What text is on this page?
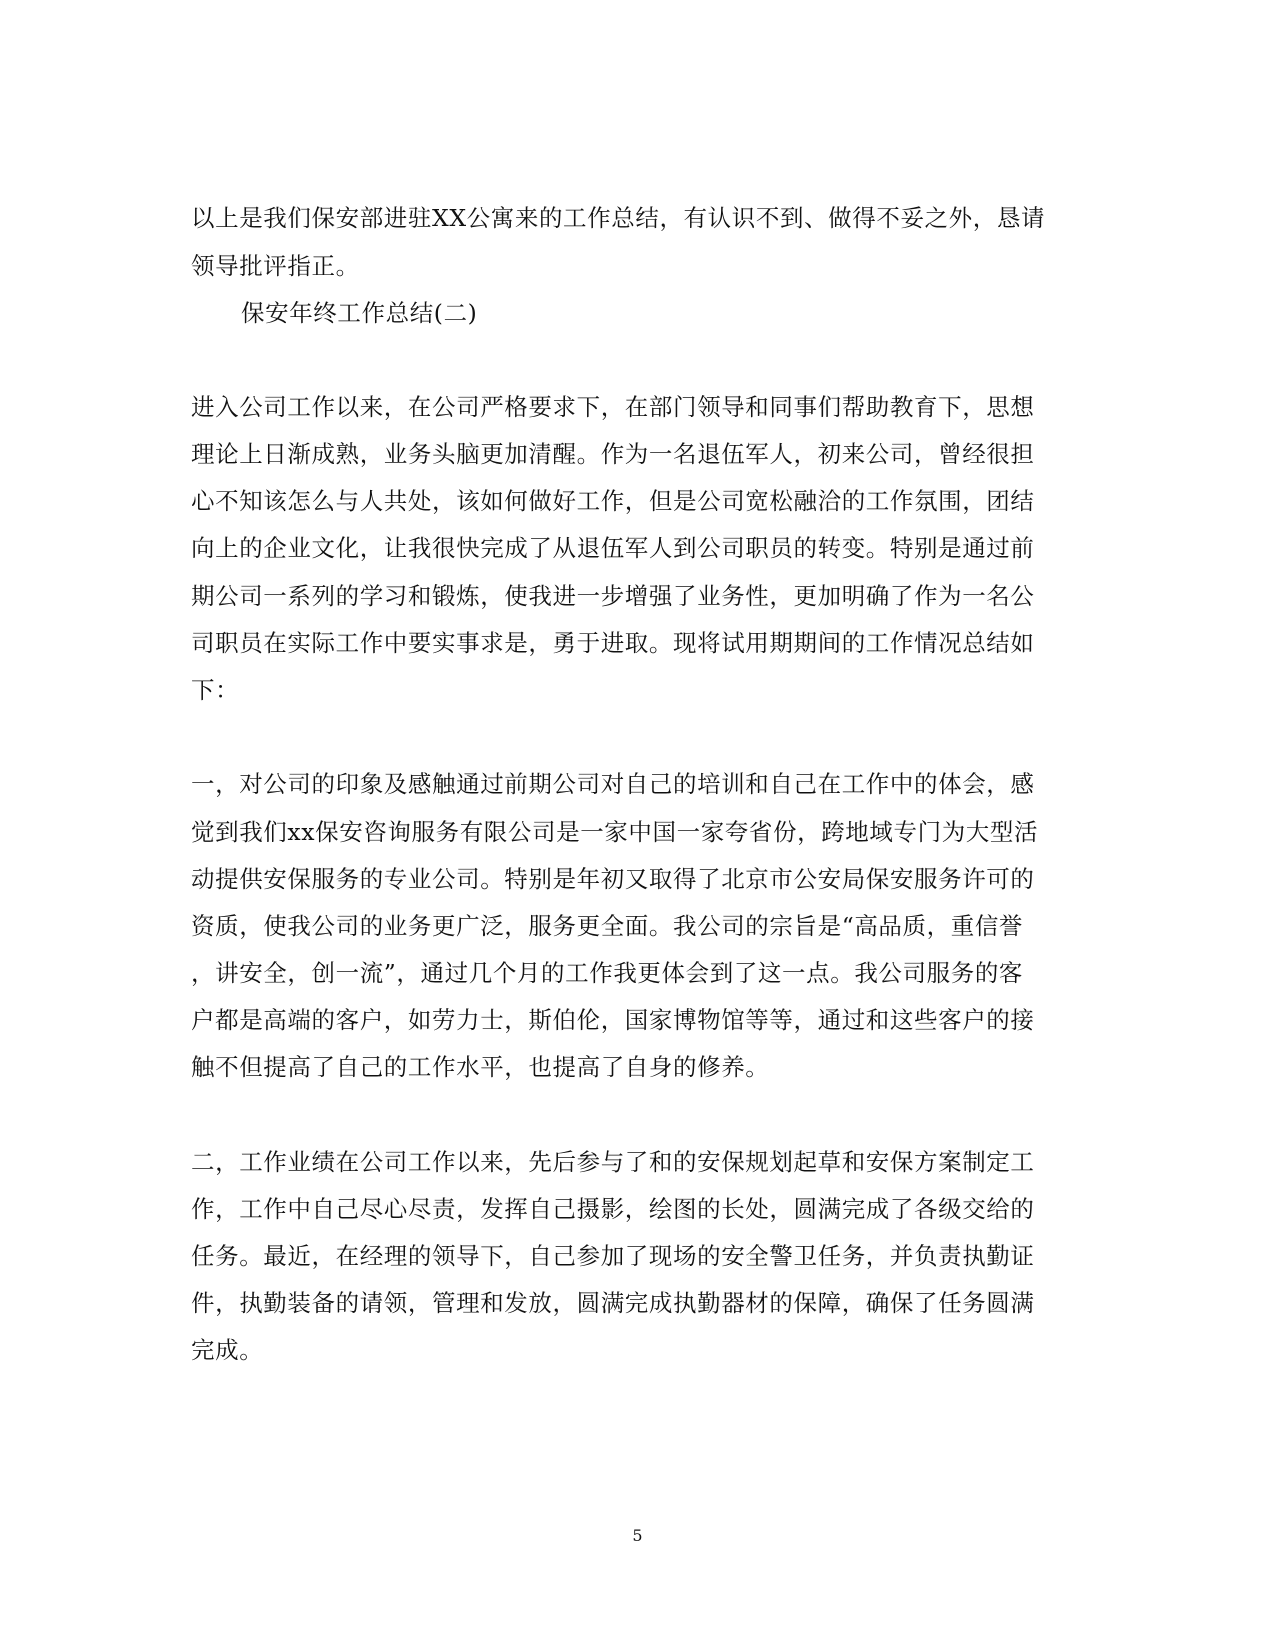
以上是我们保安部进驻XX公寓来的工作总结，有认识不到、做得不妥之外，恳请
领导批评指正。
保安年终工作总结(二)
进入公司工作以来，在公司严格要求下，在部门领导和同事们帮助教育下，思想
理论上日渐成熟，业务头脑更加清醒。作为一名退伍军人，初来公司，曾经很担
心不知该怎么与人共处，该如何做好工作，但是公司宽松融洽的工作氛围，团结
向上的企业文化，让我很快完成了从退伍军人到公司职员的转变。特别是通过前
期公司一系列的学习和锻炼，使我进一步增强了业务性，更加明确了作为一名公
司职员在实际工作中要实事求是，勇于进取。现将试用期期间的工作情况总结如
下：
一，对公司的印象及感触通过前期公司对自己的培训和自己在工作中的体会，感
觉到我们xx保安咨询服务有限公司是一家中国一家夸省份，跨地域专门为大型活
动提供安保服务的专业公司。特别是年初又取得了北京市公安局保安服务许可的
资质，使我公司的业务更广泛，服务更全面。我公司的宗旨是“高品质，重信誉
，讲安全，创一流”，通过几个月的工作我更体会到了这一点。我公司服务的客
户都是高端的客户，如劳力士，斯伯伦，国家博物馆等等，通过和这些客户的接
触不但提高了自己的工作水平，也提高了自身的修养。
二，工作业绩在公司工作以来，先后参与了和的安保规划起草和安保方案制定工
作，工作中自己尽心尽责，发挥自己摄影，绘图的长处，圆满完成了各级交给的
任务。最近，在经理的领导下，自己参加了现场的安全警卫任务，并负责执勤证
件，执勤装备的请领，管理和发放，圆满完成执勤器材的保障，确保了任务圆满
完成。
5
